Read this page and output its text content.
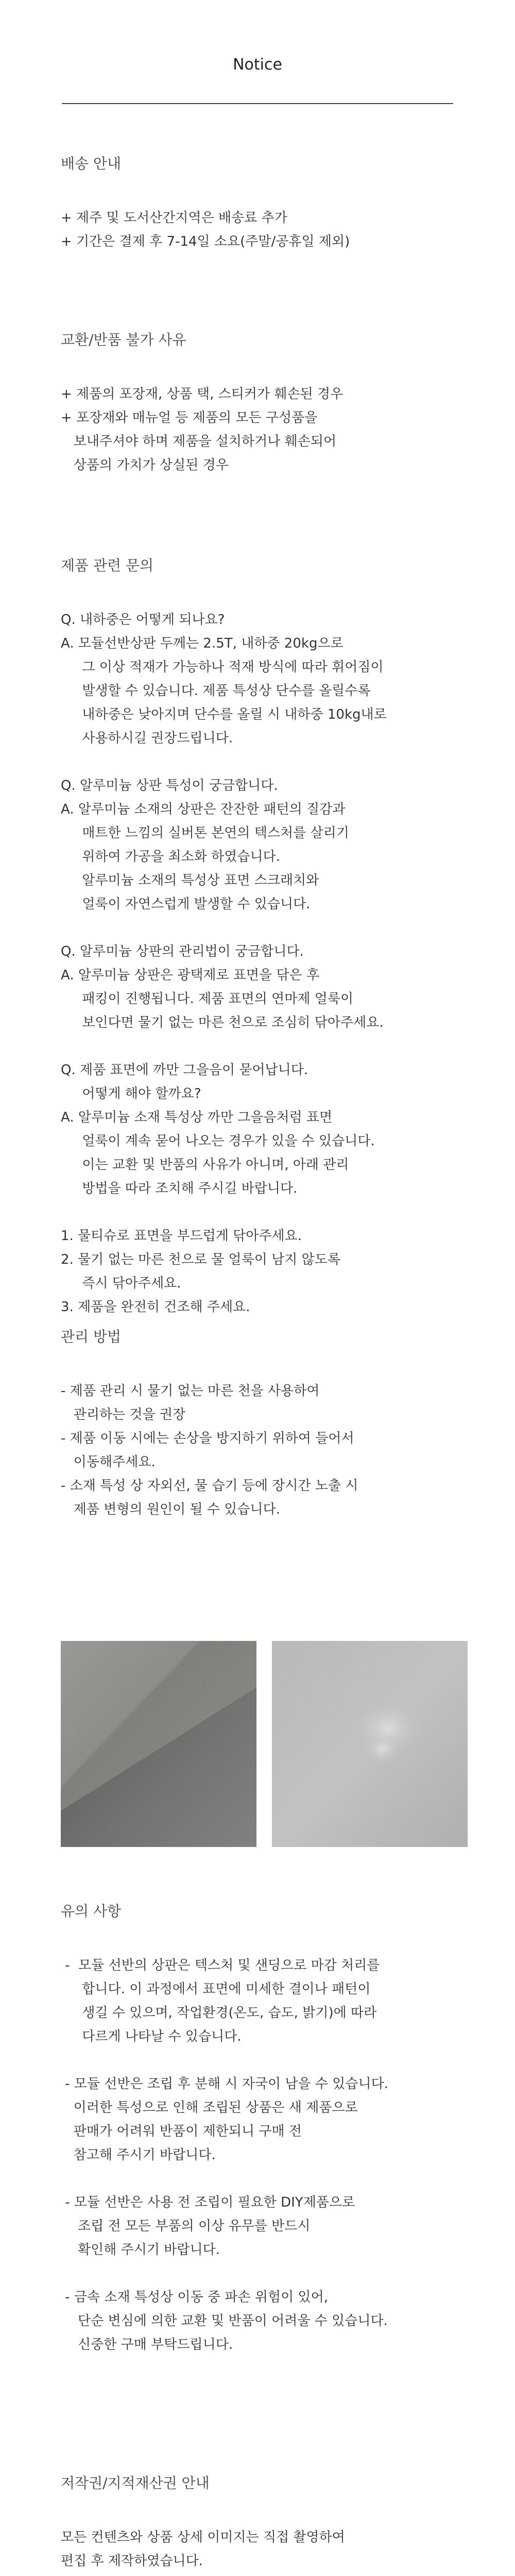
Notice
배송 안내

+ 제주 및 도서산간지역은 배송료 추가

+ 기간은 결제 후 7-14일 소요(주말/공휴일 제외)

교환/반품 불가 사유

+ 제품의 포장재, 상품 택, 스티커가 훼손된 경우

+ 포장재와 매뉴얼 등 제품의 모든 구성품을

보내주셔야 하며 제품을 설치하거나 훼손되어

상품의 가치가 상실된 경우

제품 관련 문의

Q. 내하중은 어떻게 되나요?

A. 모듈선반상판 두께는 2.5T, 내하중 20kg으로

그 이상 적재가 가능하나 적재 방식에 따라 휘어짐이

발생할 수 있습니다. 제품 특성상 단수를 올릴수록

내하중은 낮아지며 단수를 올릴 시 내하중 10kg내로

사용하시길 권장드립니다.

Q. 알루미늄 상판 특성이 궁금합니다.

A. 알루미늄 소재의 상판은 잔잔한 패턴의 질감과

매트한 느낌의 실버톤 본연의 텍스처를 살리기

위하여 가공을 최소화 하였습니다.

알루미늄 소재의 특성상 표면 스크래치와

얼룩이 자연스럽게 발생할 수 있습니다.

Q. 알루미늄 상판의 관리법이 궁금합니다.

A. 알루미늄 상판은 광택제로 표면을 닦은 후

패킹이 진행됩니다. 제품 표면의 연마제 얼룩이

보인다면 물기 없는 마른 천으로 조심히 닦아주세요.

Q. 제품 표면에 까만 그을음이 묻어납니다.

어떻게 해야 할까요?

A. 알루미늄 소재 특성상 까만 그을음처럼 표면

얼룩이 계속 묻어 나오는 경우가 있을 수 있습니다.

이는 교환 및 반품의 사유가 아니며, 아래 관리

방법을 따라 조치해 주시길 바랍니다.

1. 물티슈로 표면을 부드럽게 닦아주세요.

2. 물기 없는 마른 천으로 물 얼룩이 남지 않도록

즉시 닦아주세요.

3. 제품을 완전히 건조해 주세요.

관리 방법

- 제품 관리 시 물기 없는 마른 천을 사용하여

관리하는 것을 권장

- 제품 이동 시에는 손상을 방지하기 위하여 들어서

이동해주세요.

- 소재 특성 상 자외선, 물 습기 등에 장시간 노출 시

제품 변형의 원인이 될 수 있습니다.

유의 사항

-  모듈 선반의 상판은 텍스처 및 샌딩으로 마감 처리를

합니다. 이 과정에서 표면에 미세한 결이나 패턴이

생길 수 있으며, 작업환경(온도, 습도, 밝기)에 따라

다르게 나타날 수 있습니다.

- 모듈 선반은 조립 후 분해 시 자국이 남을 수 있습니다.

이러한 특성으로 인해 조립된 상품은 새 제품으로

판매가 어려워 반품이 제한되니 구매 전

참고해 주시기 바랍니다.

- 모듈 선반은 사용 전 조립이 필요한 DIY제품으로

조립 전 모든 부품의 이상 유무를 반드시

확인해 주시기 바랍니다.

- 금속 소재 특성상 이동 중 파손 위험이 있어,

단순 변심에 의한 교환 및 반품이 어려울 수 있습니다.

신중한 구매 부탁드립니다.

저작권/지적재산권 안내

모든 컨텐츠와 상품 상세 이미지는 직접 촬영하여

편집 후 제작하였습니다.
